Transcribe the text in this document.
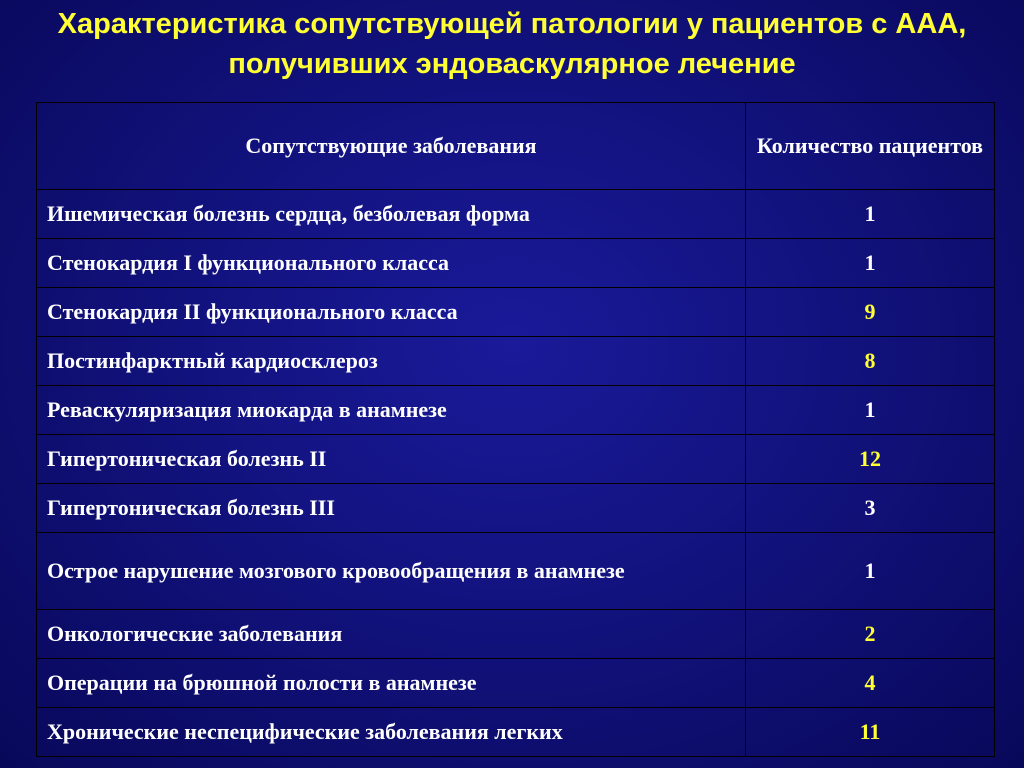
Характеристика сопутствующей патологии у пациентов с ААА,
получивших эндоваскулярное лечение
Сопутствующие заболевания	Количество пациентов
Ишемическая болезнь сердца, безболевая форма	1
Стенокардия I функционального класса	1
Стенокардия II функционального класса	9
Постинфарктный кардиосклероз	8
Реваскуляризация миокарда в анамнезе	1
Гипертоническая болезнь II	12
Гипертоническая болезнь III	3
Острое нарушение мозгового кровообращения в анамнезе	1
Онкологические заболевания	2
Операции на брюшной полости в анамнезе	4
Хронические неспецифические заболевания легких	11
